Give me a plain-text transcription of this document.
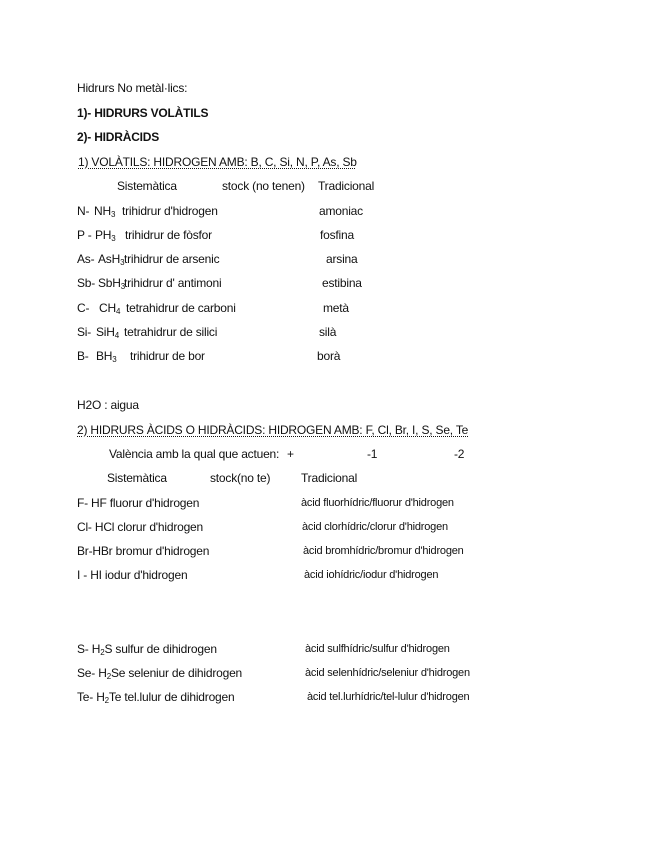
Hidrurs No metàl·lics:
1)- HIDRURS VOLÀTILS
2)- HIDRÀCIDS
1) VOLÀTILS: HIDROGEN AMB: B, C, Si, N, P, As, Sb
Sistemàtica	stock (no tenen) Tradicional
N- $NH_3$ trihidrur d'hidrogen	amoniac
P - $PH_3$ trihidrur de fòsfor	fosfina
As- AsH$_3$ trihidrur de arsenic	arsina
Sb- SbH$_3$ trihidrur d' antimoni	estibina
C- $CH_4$ tetrahidrur de carboni	metà
Si- SiH$_4$ tetrahidrur de silici	silà
B- $BH_3$ trihidrur de bor	borà
H2O : aigua
2) HIDRURS ÀCIDS O HIDRÀCIDS: HIDROGEN AMB: F, Cl, Br, I, S, Se, Te
València amb la qual que actuen: +	-1	-2
Sistemàtica	stock(no te)	Tradicional
F- HF fluorur d'hidrogen	àcid fluorhídric/fluorur d'hidrogen
Cl- HCl clorur d'hidrogen	àcid clorhídric/clorur d'hidrogen
Br-HBr bromur d'hidrogen	àcid bromhídric/bromur d'hidrogen
I - HI iodur d'hidrogen	àcid iohídric/iodur d'hidrogen
S- $H_2S$ sulfur de dihidrogen	àcid sulfhídric/sulfur d'hidrogen
Se- $H_2Se$ seleniur de dihidrogen	àcid selenhídric/seleniur d'hidrogen
Te- $H_2Te$ tel.lulur de dihidrogen	àcid tel.lurhídric/tel-lulur d'hidrogen
